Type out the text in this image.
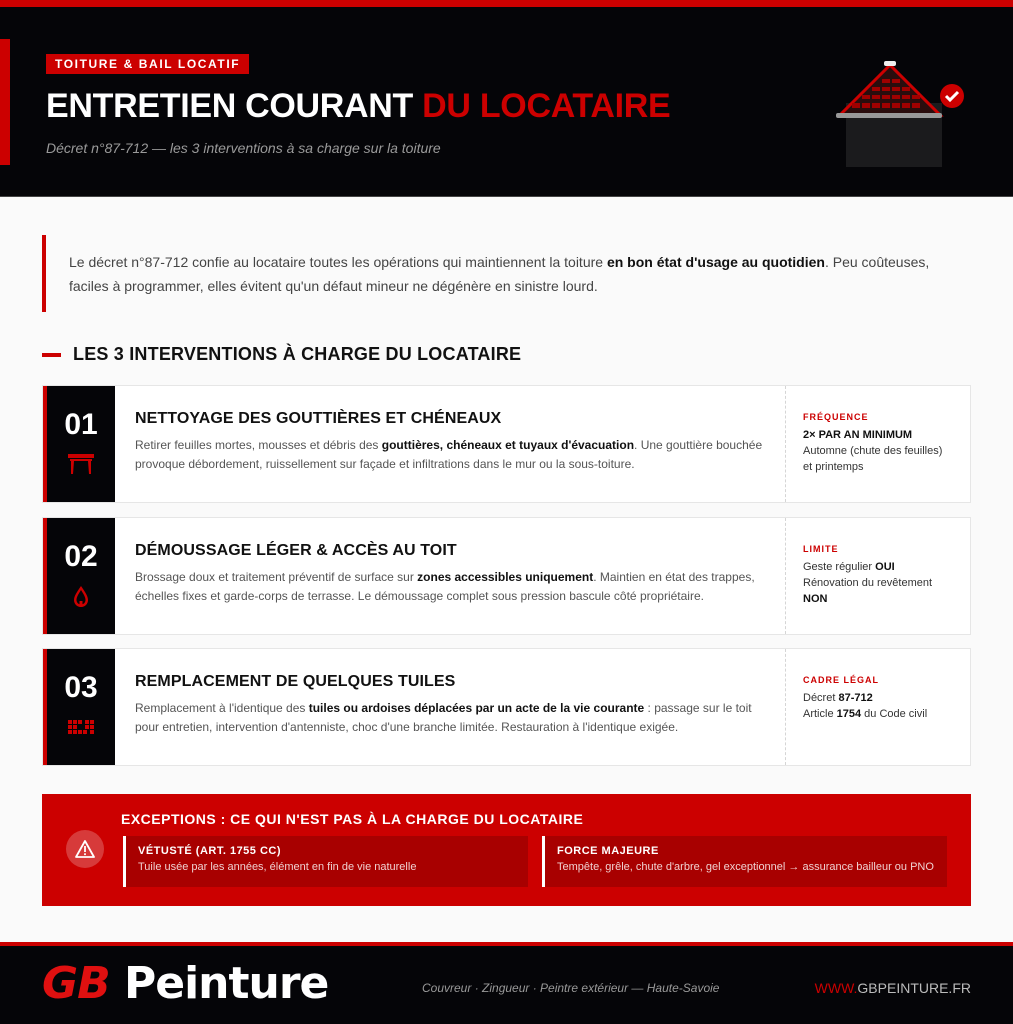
TOITURE & BAIL LOCATIF
ENTRETIEN COURANT DU LOCATAIRE
Décret n°87-712 — les 3 interventions à sa charge sur la toiture
Le décret n°87-712 confie au locataire toutes les opérations qui maintiennent la toiture en bon état d'usage au quotidien. Peu coûteuses, faciles à programmer, elles évitent qu'un défaut mineur ne dégénère en sinistre lourd.
LES 3 INTERVENTIONS À CHARGE DU LOCATAIRE
01 NETTOYAGE DES GOUTTIÈRES ET CHÉNEAUX

Retirer feuilles mortes, mousses et débris des gouttières, chéneaux et tuyaux d'évacuation. Une gouttière bouchée provoque débordement, ruissellement sur façade et infiltrations dans le mur ou la sous-toiture.

FRÉQUENCE
2× PAR AN MINIMUM
Automne (chute des feuilles)
et printemps
02 DÉMOUSSAGE LÉGER & ACCÈS AU TOIT

Brossage doux et traitement préventif de surface sur zones accessibles uniquement. Maintien en état des trappes, échelles fixes et garde-corps de terrasse. Le démoussage complet sous pression bascule côté propriétaire.

LIMITE
Geste régulier OUI
Rénovation du revêtement
NON
03 REMPLACEMENT DE QUELQUES TUILES

Remplacement à l'identique des tuiles ou ardoises déplacées par un acte de la vie courante : passage sur le toit pour entretien, intervention d'antenniste, choc d'une branche limitée. Restauration à l'identique exigée.

CADRE LÉGAL
Décret 87-712
Article 1754 du Code civil
EXCEPTIONS : CE QUI N'EST PAS À LA CHARGE DU LOCATAIRE
VÉTUSTÉ (ART. 1755 CC)
Tuile usée par les années, élément en fin de vie naturelle
FORCE MAJEURE
Tempête, grêle, chute d'arbre, gel exceptionnel → assurance bailleur ou PNO
GB Peinture	Couvreur · Zingueur · Peintre extérieur — Haute-Savoie	WWW.GBPEINTURE.FR
